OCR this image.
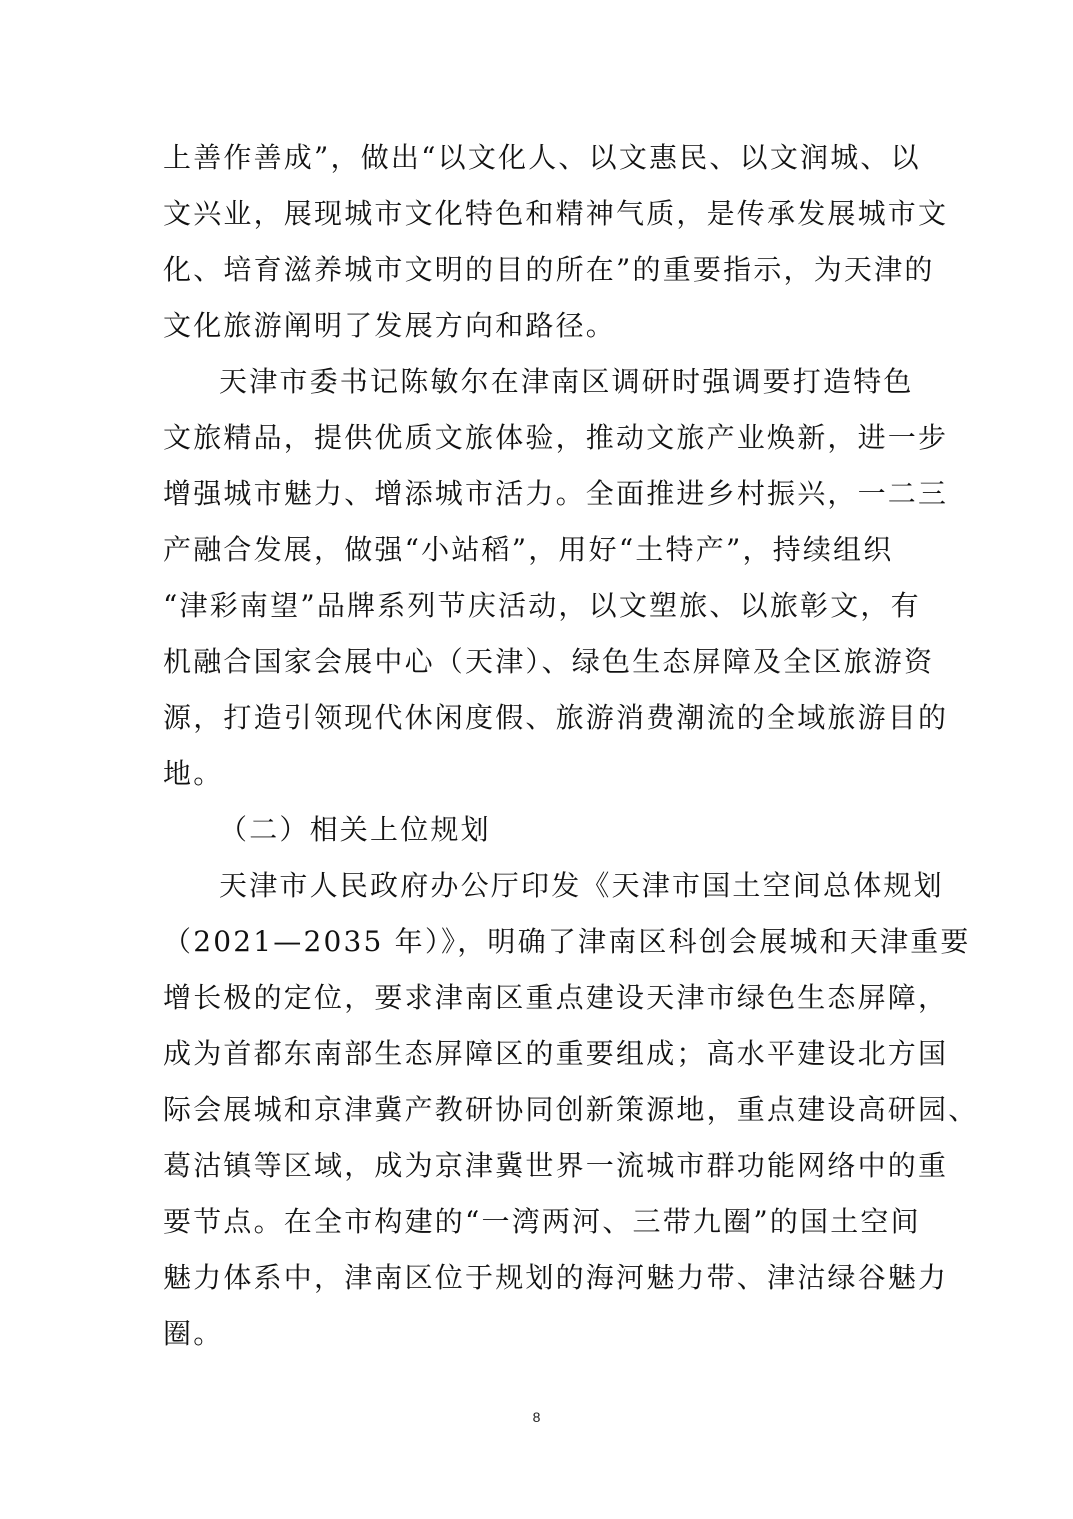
上善作善成”，做出“以文化人、以文惠民、以文润城、以
文兴业，展现城市文化特色和精神气质，是传承发展城市文
化、培育滋养城市文明的目的所在”的重要指示，为天津的
文化旅游阐明了发展方向和路径。
天津市委书记陈敏尔在津南区调研时强调要打造特色
文旅精品，提供优质文旅体验，推动文旅产业焕新，进一步
增强城市魅力、增添城市活力。全面推进乡村振兴，一二三
产融合发展，做强“小站稻”，用好“土特产”，持续组织
“津彩南望”品牌系列节庆活动，以文塑旅、以旅彰文，有
机融合国家会展中心（天津）、绿色生态屏障及全区旅游资
源，打造引领现代休闲度假、旅游消费潮流的全域旅游目的
地。
（二）相关上位规划
天津市人民政府办公厅印发《天津市国土空间总体规划
（2021—2035 年）》，明确了津南区科创会展城和天津重要
增长极的定位，要求津南区重点建设天津市绿色生态屏障，
成为首都东南部生态屏障区的重要组成；高水平建设北方国
际会展城和京津冀产教研协同创新策源地，重点建设高研园、
葛沽镇等区域，成为京津冀世界一流城市群功能网络中的重
要节点。在全市构建的“一湾两河、三带九圈”的国土空间
魅力体系中，津南区位于规划的海河魅力带、津沽绿谷魅力
圈。
8
